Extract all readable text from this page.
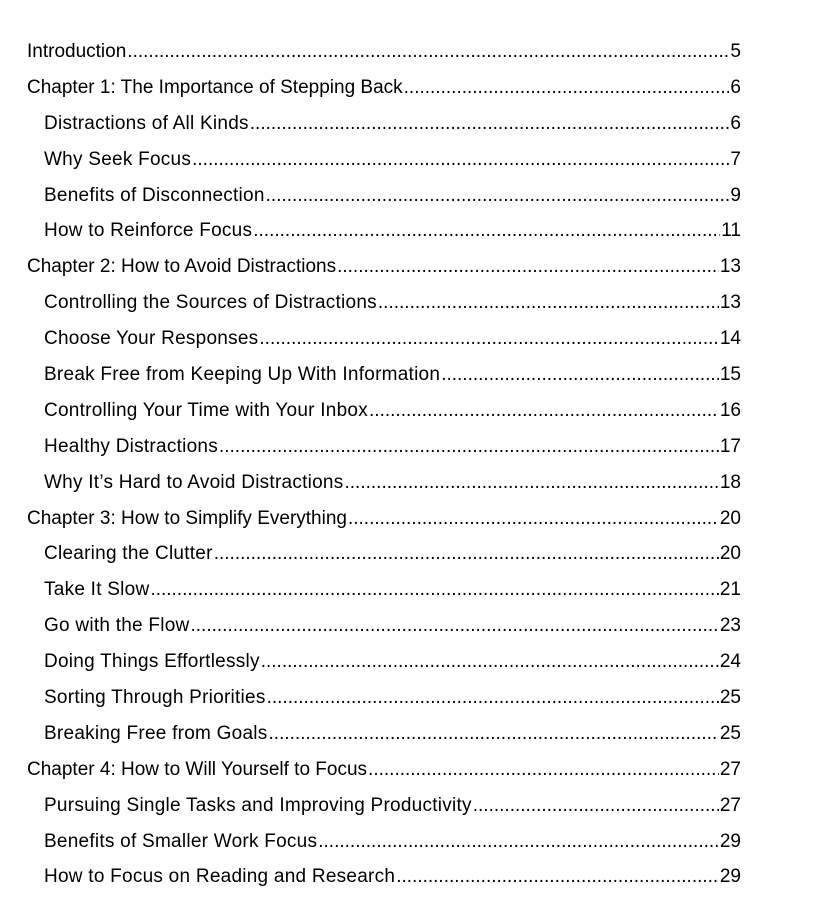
Introduction .....	5
Chapter 1: The Importance of Stepping Back .....	6
Distractions of All Kinds .....	6
Why Seek Focus .....	7
Benefits of Disconnection .....	9
How to Reinforce Focus .....	11
Chapter 2: How to Avoid Distractions .....	13
Controlling the Sources of Distractions .....	13
Choose Your Responses .....	14
Break Free from Keeping Up With Information .....	15
Controlling Your Time with Your Inbox .....	16
Healthy Distractions .....	17
Why It’s Hard to Avoid Distractions .....	18
Chapter 3: How to Simplify Everything .....	20
Clearing the Clutter .....	20
Take It Slow .....	21
Go with the Flow .....	23
Doing Things Effortlessly .....	24
Sorting Through Priorities .....	25
Breaking Free from Goals .....	25
Chapter 4: How to Will Yourself to Focus .....	27
Pursuing Single Tasks and Improving Productivity .....	27
Benefits of Smaller Work Focus .....	29
How to Focus on Reading and Research .....	29
